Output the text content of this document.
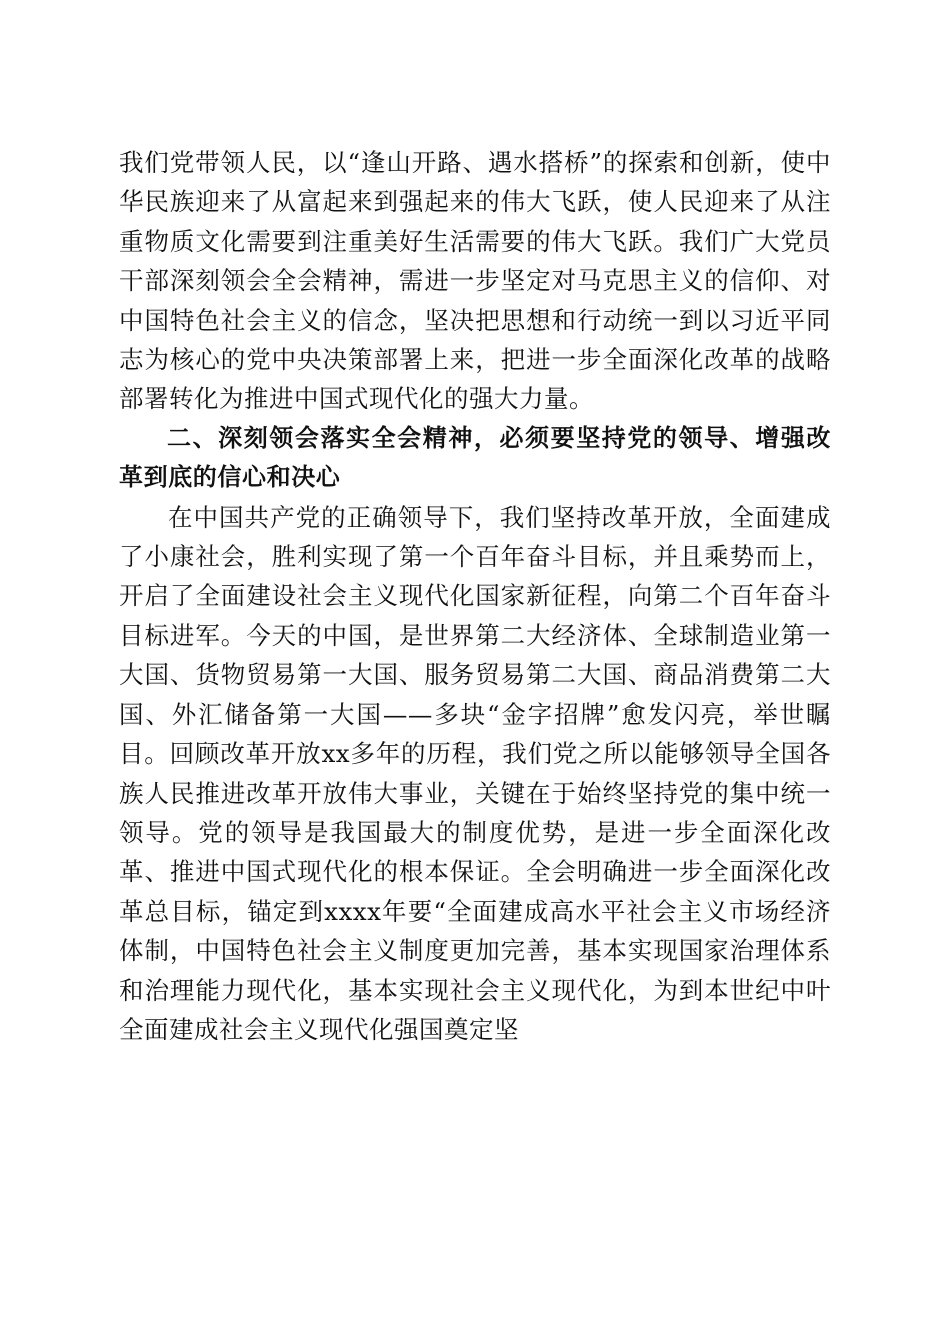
我们党带领人民，以“逢山开路、遇水搭桥”的探索和创新，使中华民族迎来了从富起来到强起来的伟大飞跃，使人民迎来了从注重物质文化需要到注重美好生活需要的伟大飞跃。我们广大党员干部深刻领会全会精神，需进一步坚定对马克思主义的信仰、对中国特色社会主义的信念，坚决把思想和行动统一到以习近平同志为核心的党中央决策部署上来，把进一步全面深化改革的战略部署转化为推进中国式现代化的强大力量。

二、深刻领会落实全会精神，必须要坚持党的领导、增强改革到底的信心和决心

在中国共产党的正确领导下，我们坚持改革开放，全面建成了小康社会，胜利实现了第一个百年奋斗目标，并且乘势而上，开启了全面建设社会主义现代化国家新征程，向第二个百年奋斗目标进军。今天的中国，是世界第二大经济体、全球制造业第一大国、货物贸易第一大国、服务贸易第二大国、商品消费第二大国、外汇储备第一大国——多块“金字招牌”愈发闪亮，举世瞩目。回顾改革开放xx多年的历程，我们党之所以能够领导全国各族人民推进改革开放伟大事业，关键在于始终坚持党的集中统一领导。党的领导是我国最大的制度优势，是进一步全面深化改革、推进中国式现代化的根本保证。全会明确进一步全面深化改革总目标，锚定到xxxx年要“全面建成高水平社会主义市场经济体制，中国特色社会主义制度更加完善，基本实现国家治理体系和治理能力现代化，基本实现社会主义现代化，为到本世纪中叶全面建成社会主义现代化强国奠定坚
